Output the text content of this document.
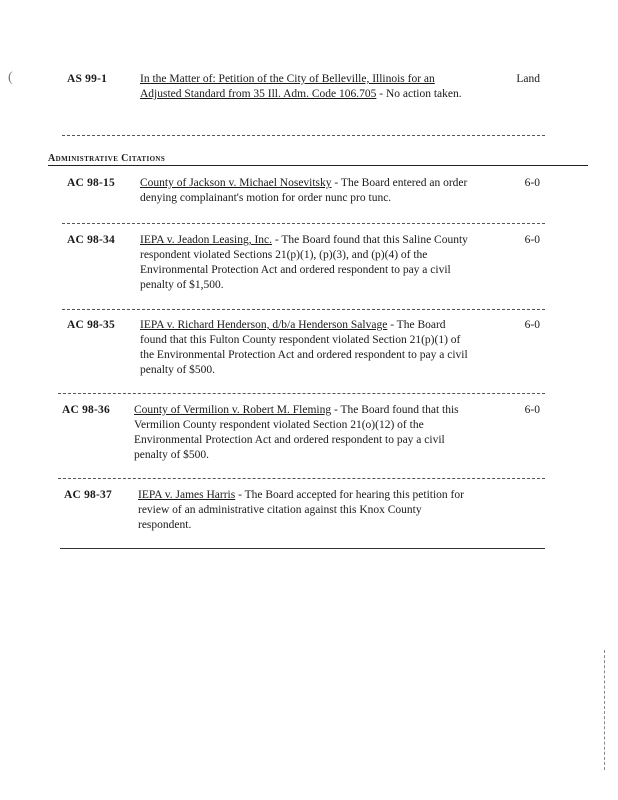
AS 99-1	In the Matter of: Petition of the City of Belleville, Illinois for an Adjusted Standard from 35 Ill. Adm. Code 106.705 - No action taken.
Land
Administrative Citations
AC 98-15 County of Jackson v. Michael Nosevitsky - The Board entered an order denying complainant's motion for order nunc pro tunc.
6-0
AC 98-34 IEPA v. Jeadon Leasing, Inc. - The Board found that this Saline County respondent violated Sections 21(p)(1), (p)(3), and (p)(4) of the Environmental Protection Act and ordered respondent to pay a civil penalty of $1,500.
6-0
AC 98-35 IEPA v. Richard Henderson, d/b/a Henderson Salvage - The Board found that this Fulton County respondent violated Section 21(p)(1) of the Environmental Protection Act and ordered respondent to pay a civil penalty of $500.
6-0
AC 98-36 County of Vermilion v. Robert M. Fleming - The Board found that this Vermilion County respondent violated Section 21(o)(12) of the Environmental Protection Act and ordered respondent to pay a civil penalty of $500.
6-0
AC 98-37 IEPA v. James Harris - The Board accepted for hearing this petition for review of an administrative citation against this Knox County respondent.
(
